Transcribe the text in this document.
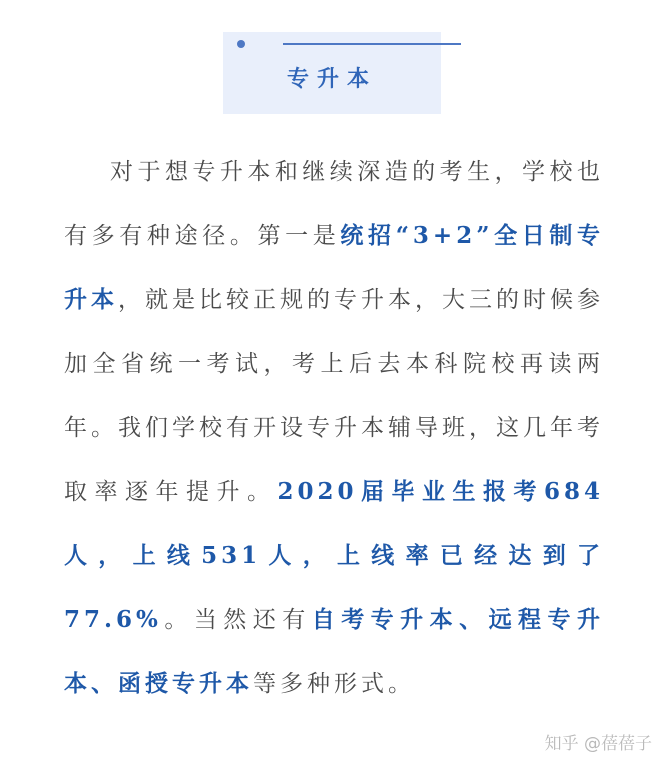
专升本

对于想专升本和继续深造的考生，学校也有多有种途径。第一是统招“3+2”全日制专升本，就是比较正规的专升本，大三的时候参加全省统一考试，考上后去本科院校再读两年。我们学校有开设专升本辅导班，这几年考取率逐年提升。2020届毕业生报考684人，上线531人，上线率已经达到了77.6%。当然还有自考专升本、远程专升本、函授专升本等多种形式。

知乎 @蓓蓓子
